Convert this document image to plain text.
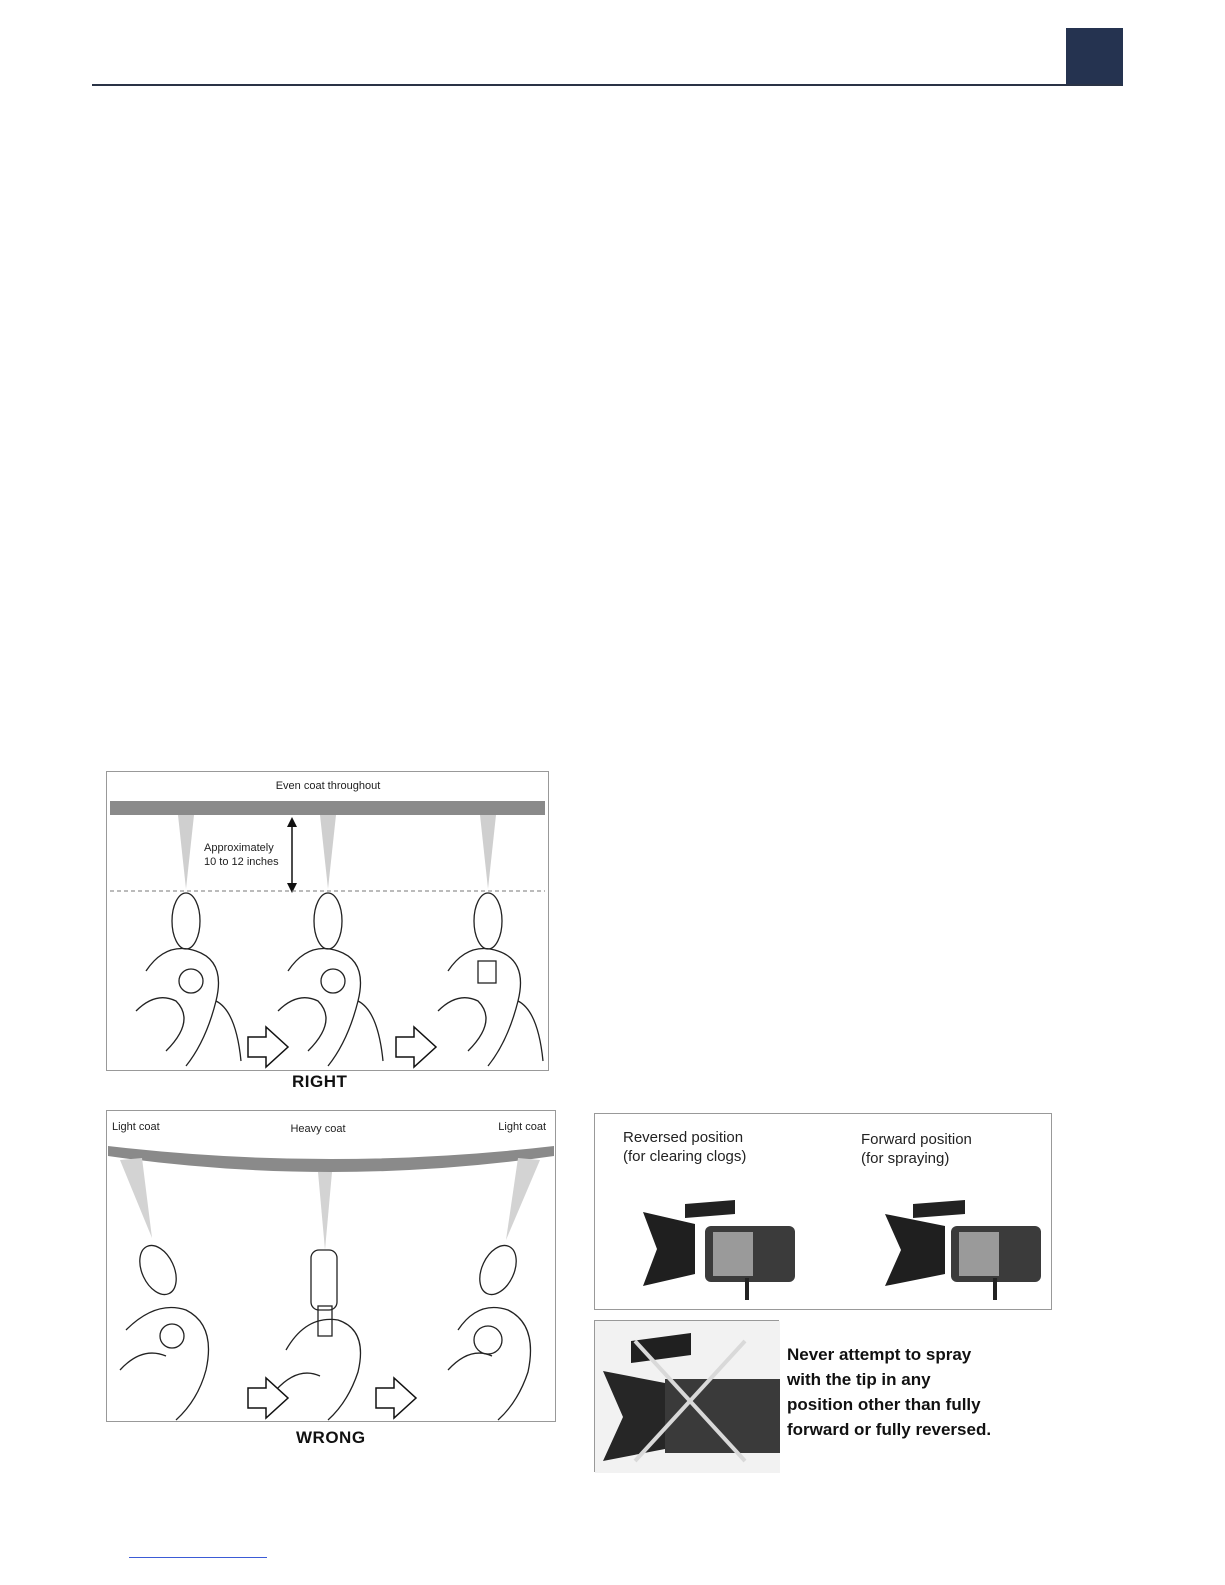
Even coat throughout
Approximately
10 to 12 inches
RIGHT
Light coat	Heavy coat	Light coat
WRONG
Reversed position
(for clearing clogs)
Forward position
(for spraying)
Never attempt to spray
with the tip in any
position other than fully
forward or fully reversed.
